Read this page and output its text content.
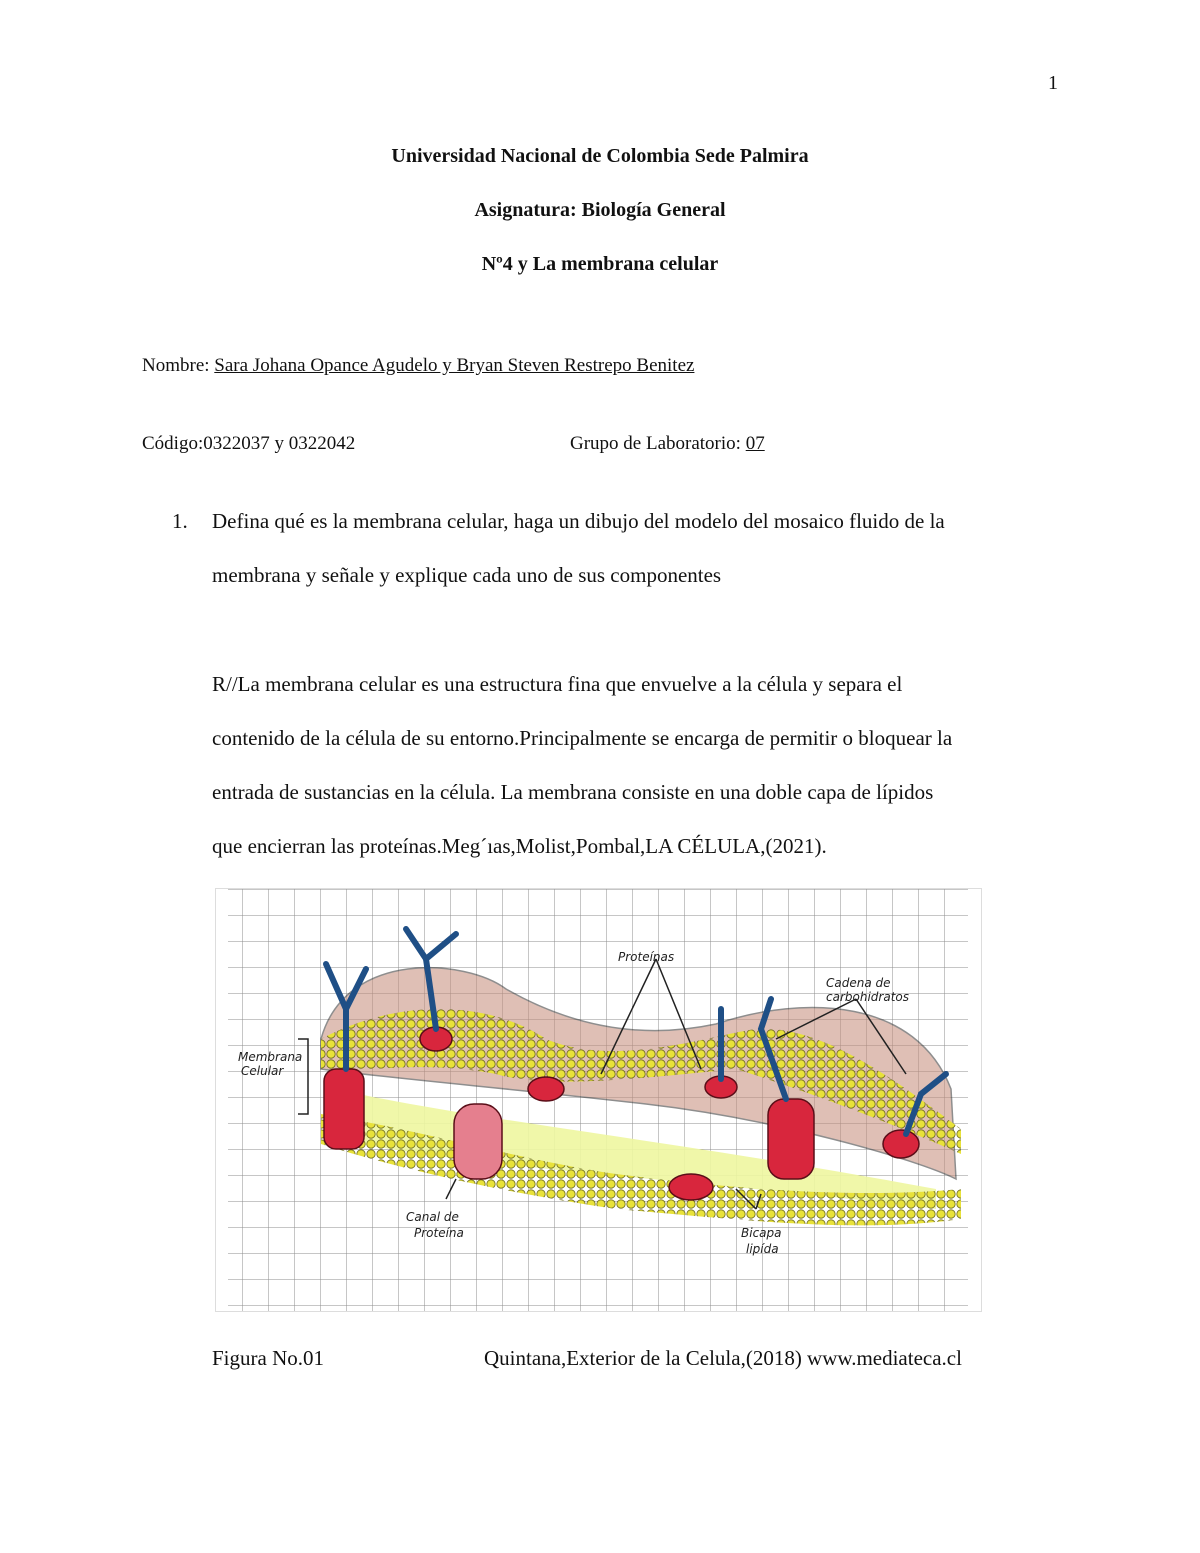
1
Universidad Nacional de Colombia Sede Palmira
Asignatura: Biología General
Nº4 y La membrana celular
Nombre: Sara Johana Opance Agudelo y Bryan Steven Restrepo Benitez
Código:0322037 y 0322042	Grupo de Laboratorio: 07
1. Defina qué es la membrana celular, haga un dibujo del modelo del mosaico fluido de la
membrana y señale y explique cada uno de sus componentes
R//La membrana celular es una estructura fina que envuelve a la célula y separa el
contenido de la célula de su entorno.Principalmente se encarga de permitir o bloquear la
entrada de sustancias en la célula. La membrana consiste en una doble capa de lípidos
que encierran las proteínas.Meg´ıas,Molist,Pombal,LA CÉLULA,(2021).
Proteínas
Cadena de
carbohidratos
Membrana
Celular
Canal de
Proteína	Bicapa
lipída
Figura No.01	Quintana,Exterior de la Celula,(2018) www.mediateca.cl
